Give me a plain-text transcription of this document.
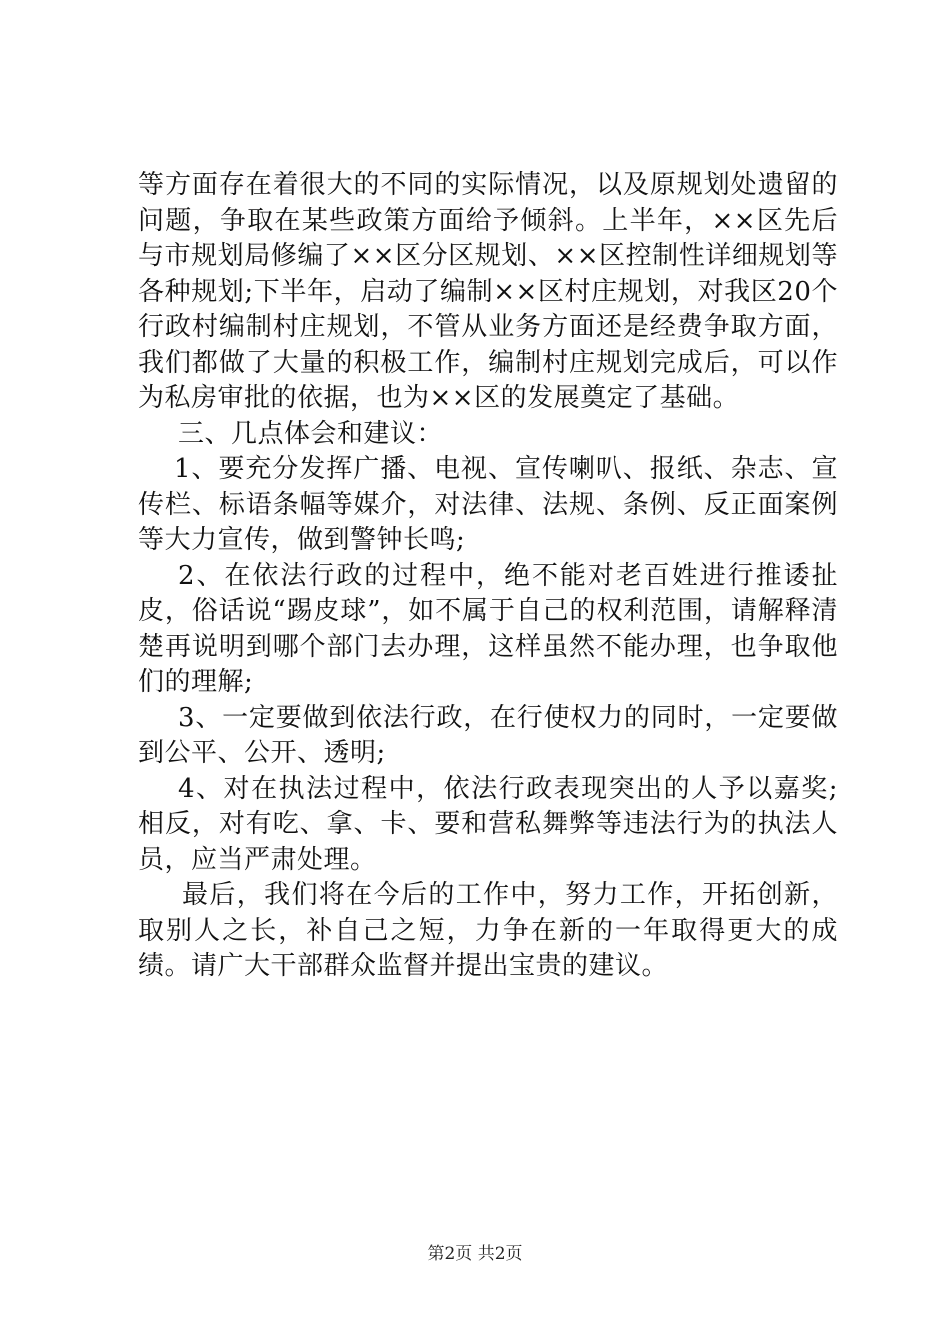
等方面存在着很大的不同的实际情况，以及原规划处遗留的问题，争取在某些政策方面给予倾斜。上半年，××区先后与市规划局修编了××区分区规划、××区控制性详细规划等各种规划;下半年，启动了编制××区村庄规划，对我区20个行政村编制村庄规划，不管从业务方面还是经费争取方面，我们都做了大量的积极工作，编制村庄规划完成后，可以作为私房审批的依据，也为××区的发展奠定了基础。

三、几点体会和建议：

1、要充分发挥广播、电视、宣传喇叭、报纸、杂志、宣传栏、标语条幅等媒介，对法律、法规、条例、反正面案例等大力宣传，做到警钟长鸣;

2、在依法行政的过程中，绝不能对老百姓进行推诿扯皮，俗话说“踢皮球”，如不属于自己的权利范围，请解释清楚再说明到哪个部门去办理，这样虽然不能办理，也争取他们的理解;

3、一定要做到依法行政，在行使权力的同时，一定要做到公平、公开、透明;

4、对在执法过程中，依法行政表现突出的人予以嘉奖;相反，对有吃、拿、卡、要和营私舞弊等违法行为的执法人员，应当严肃处理。

最后，我们将在今后的工作中，努力工作，开拓创新，取别人之长，补自己之短，力争在新的一年取得更大的成绩。请广大干部群众监督并提出宝贵的建议。

第2页 共2页
